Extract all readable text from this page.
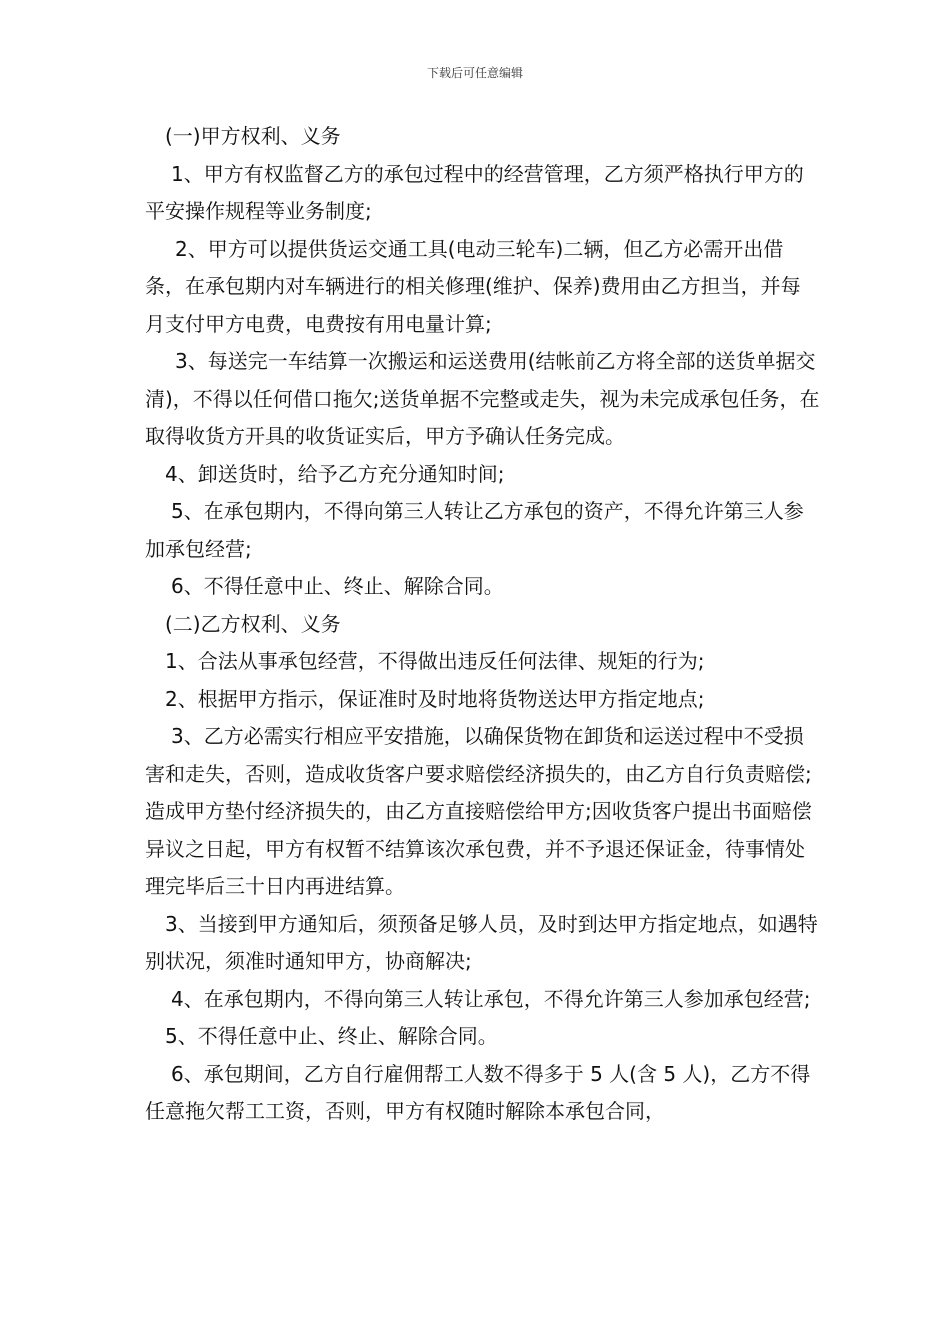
下载后可任意编辑

(一)甲方权利、义务

1、甲方有权监督乙方的承包过程中的经营管理，乙方须严格执行甲方的平安操作规程等业务制度;

2、甲方可以提供货运交通工具(电动三轮车)二辆，但乙方必需开出借条，在承包期内对车辆进行的相关修理(维护、保养)费用由乙方担当，并每月支付甲方电费，电费按有用电量计算;

3、每送完一车结算一次搬运和运送费用(结帐前乙方将全部的送货单据交清)，不得以任何借口拖欠;送货单据不完整或走失，视为未完成承包任务，在取得收货方开具的收货证实后，甲方予确认任务完成。

4、卸送货时，给予乙方充分通知时间;

5、在承包期内，不得向第三人转让乙方承包的资产，不得允许第三人参加承包经营;

6、不得任意中止、终止、解除合同。

(二)乙方权利、义务

1、合法从事承包经营，不得做出违反任何法律、规矩的行为;

2、根据甲方指示，保证准时及时地将货物送达甲方指定地点;

3、乙方必需实行相应平安措施，以确保货物在卸货和运送过程中不受损害和走失，否则，造成收货客户要求赔偿经济损失的，由乙方自行负责赔偿;造成甲方垫付经济损失的，由乙方直接赔偿给甲方;因收货客户提出书面赔偿异议之日起，甲方有权暂不结算该次承包费，并不予退还保证金，待事情处理完毕后三十日内再进结算。

3、当接到甲方通知后，须预备足够人员，及时到达甲方指定地点，如遇特别状况，须准时通知甲方，协商解决;

4、在承包期内，不得向第三人转让承包，不得允许第三人参加承包经营;

5、不得任意中止、终止、解除合同。

6、承包期间，乙方自行雇佣帮工人数不得多于 5 人(含 5 人)，乙方不得任意拖欠帮工工资，否则，甲方有权随时解除本承包合同，
